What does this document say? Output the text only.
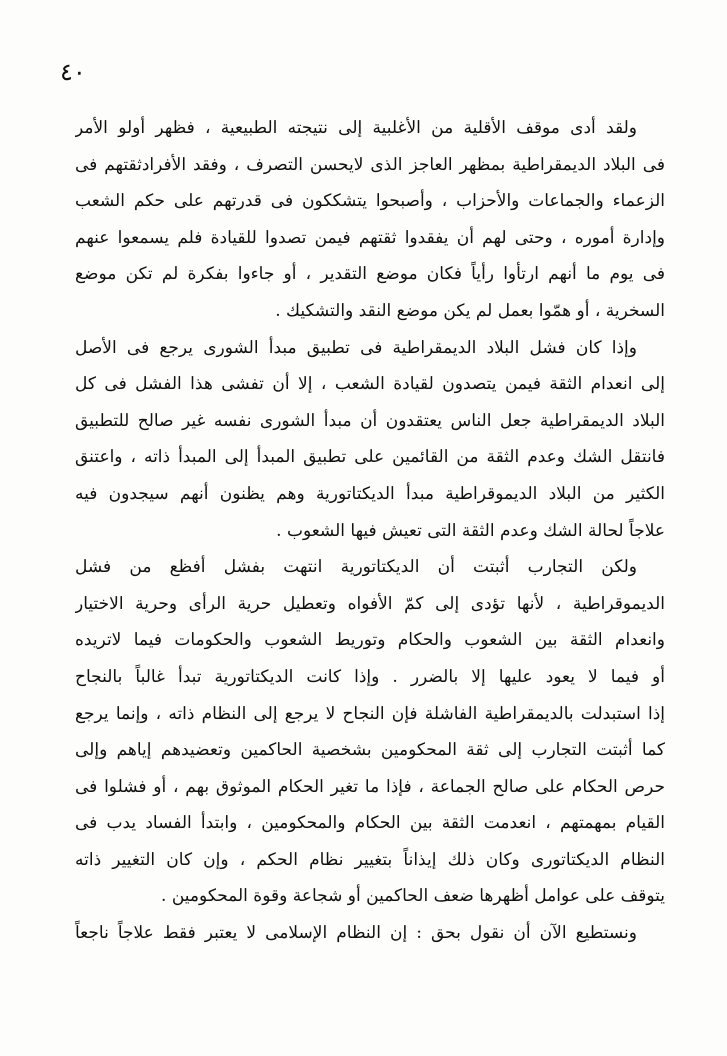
٤٠

ولقد أدى موقف الأقلية من الأغلبية إلى نتيجته الطبيعية ، فظهر أولو الأمر
فى البلاد الديمقراطية بمظهر العاجز الذى لايحسن التصرف ، وفقد الأفرادثقتهم فى
الزعماء والجماعات والأحزاب ، وأصبحوا يتشككون فى قدرتهم على حكم الشعب
وإدارة أموره ، وحتى لهم أن يفقدوا ثقتهم فيمن تصدوا للقيادة فلم يسمعوا عنهم
فى يوم ما أنهم ارتأوا رأياً فكان موضع التقدير ، أو جاءوا بفكرة لم تكن موضع
السخرية ، أو همّوا بعمل لم يكن موضع النقد والتشكيك .

وإذا كان فشل البلاد الديمقراطية فى تطبيق مبدأ الشورى يرجع فى الأصل
إلى انعدام الثقة فيمن يتصدون لقيادة الشعب ، إلا أن تفشى هذا الفشل فى كل
البلاد الديمقراطية جعل الناس يعتقدون أن مبدأ الشورى نفسه غير صالح للتطبيق
فانتقل الشك وعدم الثقة من القائمين على تطبيق المبدأ إلى المبدأ ذاته ، واعتنق
الكثير من البلاد الديموقراطية مبدأ الديكتاتورية وهم يظنون أنهم سيجدون فيه
علاجاً لحالة الشك وعدم الثقة التى تعيش فيها الشعوب .

ولكن التجارب أثبتت أن الديكتاتورية انتهت بفشل أفظع من فشل
الديموقراطية ، لأنها تؤدى إلى كمّ الأفواه وتعطيل حرية الرأى وحرية الاختيار
وانعدام الثقة بين الشعوب والحكام وتوريط الشعوب والحكومات فيما لاتريده
أو فيما لا يعود عليها إلا بالضرر . وإذا كانت الديكتاتورية تبدأ غالباً بالنجاح
إذا استبدلت بالديمقراطية الفاشلة فإن النجاح لا يرجع إلى النظام ذاته ، وإنما يرجع
كما أثبتت التجارب إلى ثقة المحكومين بشخصية الحاكمين وتعضيدهم إياهم وإلى
حرص الحكام على صالح الجماعة ، فإذا ما تغير الحكام الموثوق بهم ، أو فشلوا فى
القيام بمهمتهم ، انعدمت الثقة بين الحكام والمحكومين ، وابتدأ الفساد يدب فى
النظام الديكتاتورى وكان ذلك إيذاناً بتغيير نظام الحكم ، وإن كان التغيير ذاته
يتوقف على عوامل أظهرها ضعف الحاكمين أو شجاعة وقوة المحكومين .

ونستطيع الآن أن نقول بحق : إن النظام الإسلامى لا يعتبر فقط علاجاً ناجعاً
